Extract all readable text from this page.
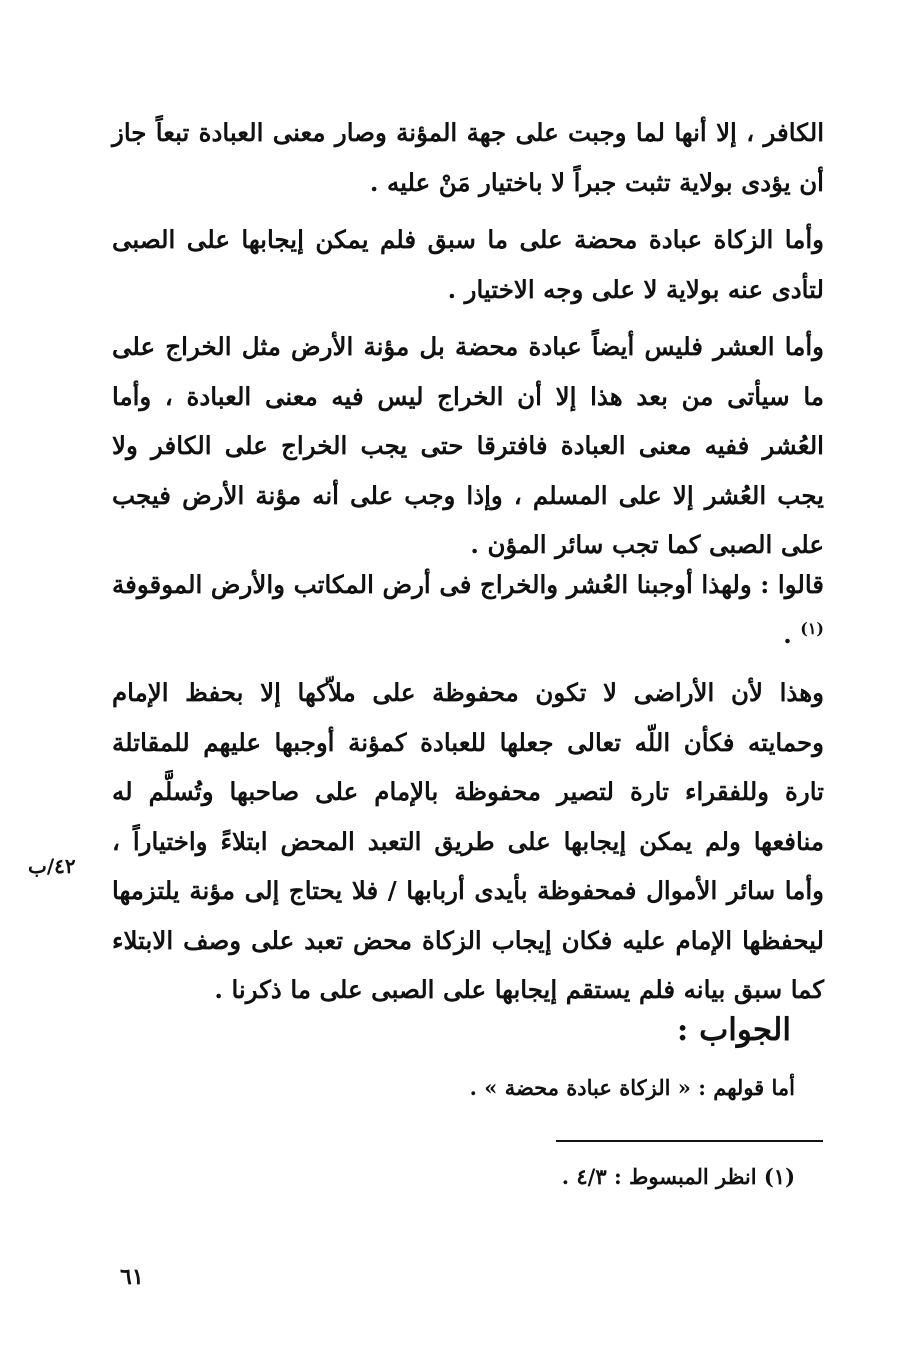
الكافر ، إلا أنها لما وجبت على جهة المؤنة وصار معنى العبادة تبعاً جاز أن يؤدى بولاية تثبت جبراً لا باختيار مَنْ عليه .

وأما الزكاة عبادة محضة على ما سبق فلم يمكن إيجابها على الصبى لتأدى عنه بولاية لا على وجه الاختيار .

وأما العشر فليس أيضاً عبادة محضة بل مؤنة الأرض مثل الخراج على ما سيأتى من بعد هذا إلا أن الخراج ليس فيه معنى العبادة ، وأما العُشر ففيه معنى العبادة فافترقا حتى يجب الخراج على الكافر ولا يجب العُشر إلا على المسلم ، وإذا وجب على أنه مؤنة الأرض فيجب على الصبى كما تجب سائر المؤن .

قالوا : ولهذا أوجبنا العُشر والخراج فى أرض المكاتب والأرض الموقوفة $^{(١)}$ .

وهذا لأن الأراضى لا تكون محفوظة على ملاّكها إلا بحفظ الإمام وحمايته فكأن اللّه تعالى جعلها للعبادة كمؤنة أوجبها عليهم للمقاتلة تارة وللفقراء تارة لتصير محفوظة بالإمام على صاحبها وتُسلَّم له منافعها ولم يمكن إيجابها على طريق التعبد المحض ابتلاءً واختياراً ، وأما سائر الأموال فمحفوظة بأيدى أربابها / فلا يحتاج إلى مؤنة يلتزمها ليحفظها الإمام عليه فكان إيجاب الزكاة محض تعبد على وصف الابتلاء كما سبق بيانه فلم يستقم إيجابها على الصبى على ما ذكرنا .

٤٢/ب

الجواب :

أما قولهم : « الزكاة عبادة محضة » .

(١) انظر المبسوط : ٤/٣ .

٦١
